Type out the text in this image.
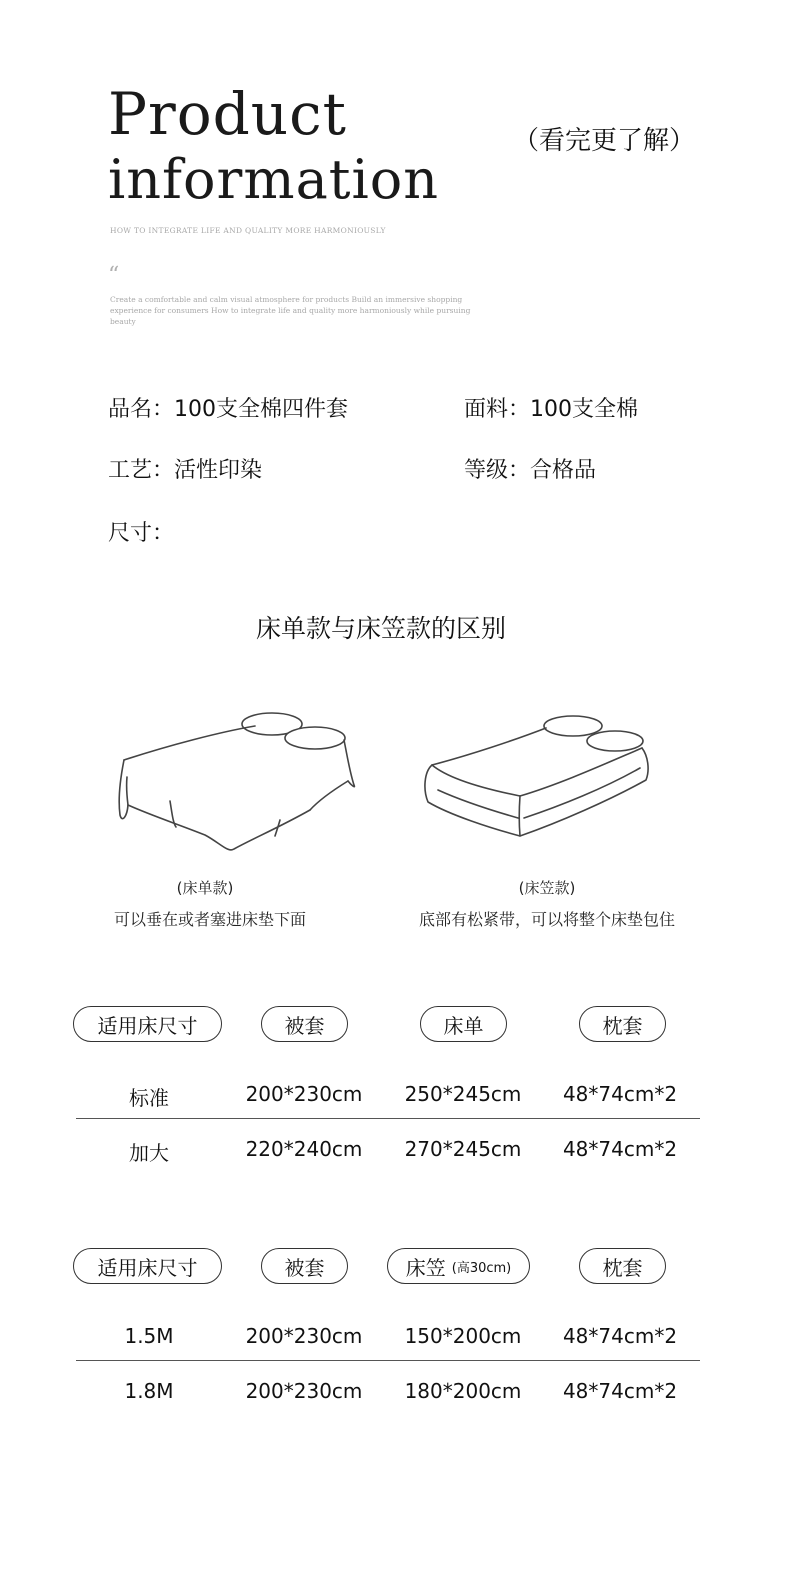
Product
information
（看完更了解）
HOW TO INTEGRATE LIFE AND QUALITY MORE HARMONIOUSLY
“
Create a comfortable and calm visual atmosphere for products Build an immersive shopping experience for consumers How to integrate life and quality more harmoniously while pursuing beauty
品名：100支全棉四件套	面料：100支全棉
工艺：活性印染	等级：合格品
尺寸：
床单款与床笠款的区别
(床单款)
可以垂在或者塞进床垫下面
(床笠款)
底部有松紧带，可以将整个床垫包住
适用床尺寸	被套	床单	枕套
标准	200*230cm	250*245cm	48*74cm*2
加大	220*240cm	270*245cm	48*74cm*2
适用床尺寸	被套	床笠 (高30cm)	枕套
1.5M	200*230cm	150*200cm	48*74cm*2
1.8M	200*230cm	180*200cm	48*74cm*2
